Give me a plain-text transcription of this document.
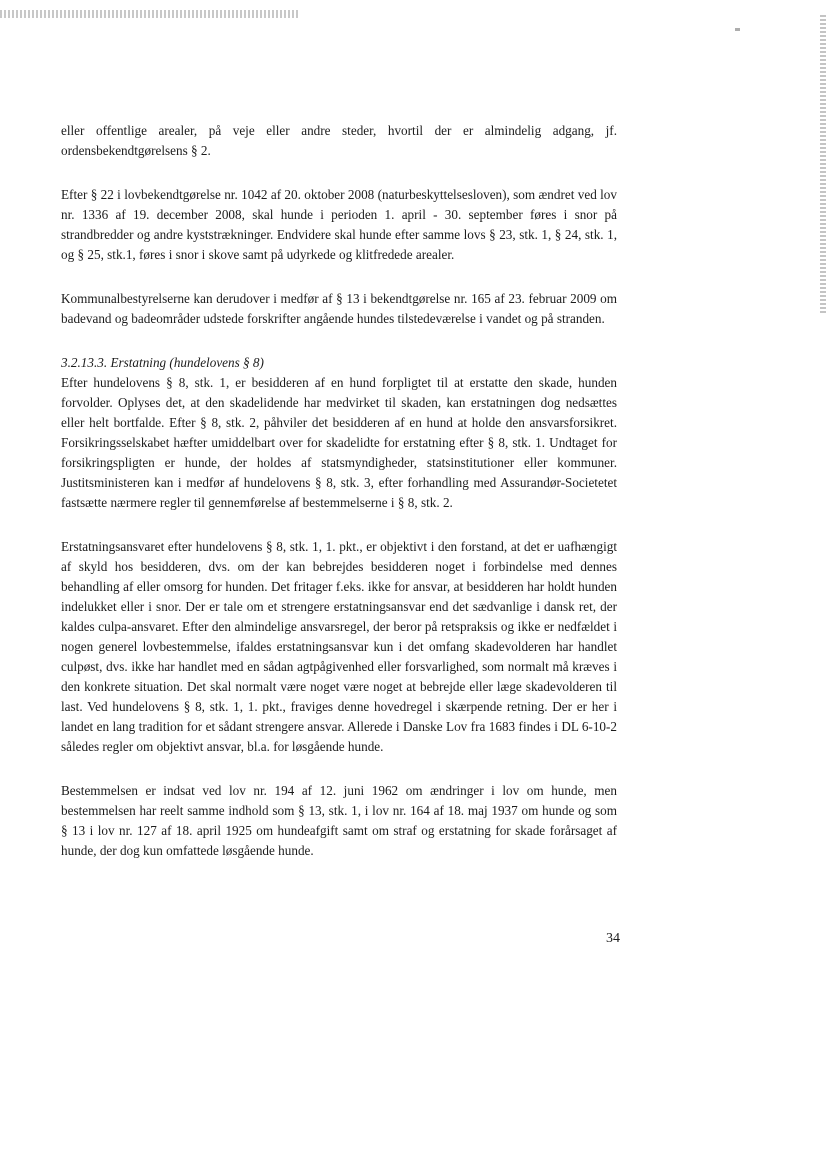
eller offentlige arealer, på veje eller andre steder, hvortil der er almindelig adgang, jf. ordensbekendtgørelsens § 2.

Efter § 22 i lovbekendtgørelse nr. 1042 af 20. oktober 2008 (naturbeskyttelsesloven), som ændret ved lov nr. 1336 af 19. december 2008, skal hunde i perioden 1. april - 30. september føres i snor på strandbredder og andre kyststrækninger. Endvidere skal hunde efter samme lovs § 23, stk. 1, § 24, stk. 1, og § 25, stk.1, føres i snor i skove samt på udyrkede og klitfredede arealer.

Kommunalbestyrelserne kan derudover i medfør af § 13 i bekendtgørelse nr. 165 af 23. februar 2009 om badevand og badeområder udstede forskrifter angående hundes tilstedeværelse i vandet og på stranden.

3.2.13.3. Erstatning (hundelovens § 8)

Efter hundelovens § 8, stk. 1, er besidderen af en hund forpligtet til at erstatte den skade, hunden forvolder. Oplyses det, at den skadelidende har medvirket til skaden, kan erstatningen dog nedsættes eller helt bortfalde. Efter § 8, stk. 2, påhviler det besidderen af en hund at holde den ansvarsforsikret. Forsikringsselskabet hæfter umiddelbart over for skadelidte for erstatning efter § 8, stk. 1. Undtaget for forsikringspligten er hunde, der holdes af statsmyndigheder, statsinstitutioner eller kommuner. Justitsministeren kan i medfør af hundelovens § 8, stk. 3, efter forhandling med Assurandør-Societetet fastsætte nærmere regler til gennemførelse af bestemmelserne i § 8, stk. 2.

Erstatningsansvaret efter hundelovens § 8, stk. 1, 1. pkt., er objektivt i den forstand, at det er uafhængigt af skyld hos besidderen, dvs. om der kan bebrejdes besidderen noget i forbindelse med dennes behandling af eller omsorg for hunden. Det fritager f.eks. ikke for ansvar, at besidderen har holdt hunden indelukket eller i snor. Der er tale om et strengere erstatningsansvar end det sædvanlige i dansk ret, der kaldes culpa-ansvaret. Efter den almindelige ansvarsregel, der beror på retspraksis og ikke er nedfældet i nogen generel lovbestemmelse, ifaldes erstatningsansvar kun i det omfang skadevolderen har handlet culpøst, dvs. ikke har handlet med en sådan agtpågivenhed eller forsvarlighed, som normalt må kræves i den konkrete situation. Det skal normalt være noget være noget at bebrejde eller læge skadevolderen til last. Ved hundelovens § 8, stk. 1, 1. pkt., fraviges denne hovedregel i skærpende retning. Der er her i landet en lang tradition for et sådant strengere ansvar. Allerede i Danske Lov fra 1683 findes i DL 6-10-2 således regler om objektivt ansvar, bl.a. for løsgående hunde.

Bestemmelsen er indsat ved lov nr. 194 af 12. juni 1962 om ændringer i lov om hunde, men bestemmelsen har reelt samme indhold som § 13, stk. 1, i lov nr. 164 af 18. maj 1937 om hunde og som § 13 i lov nr. 127 af 18. april 1925 om hundeafgift samt om straf og erstatning for skade forårsaget af hunde, der dog kun omfattede løsgående hunde.

34
